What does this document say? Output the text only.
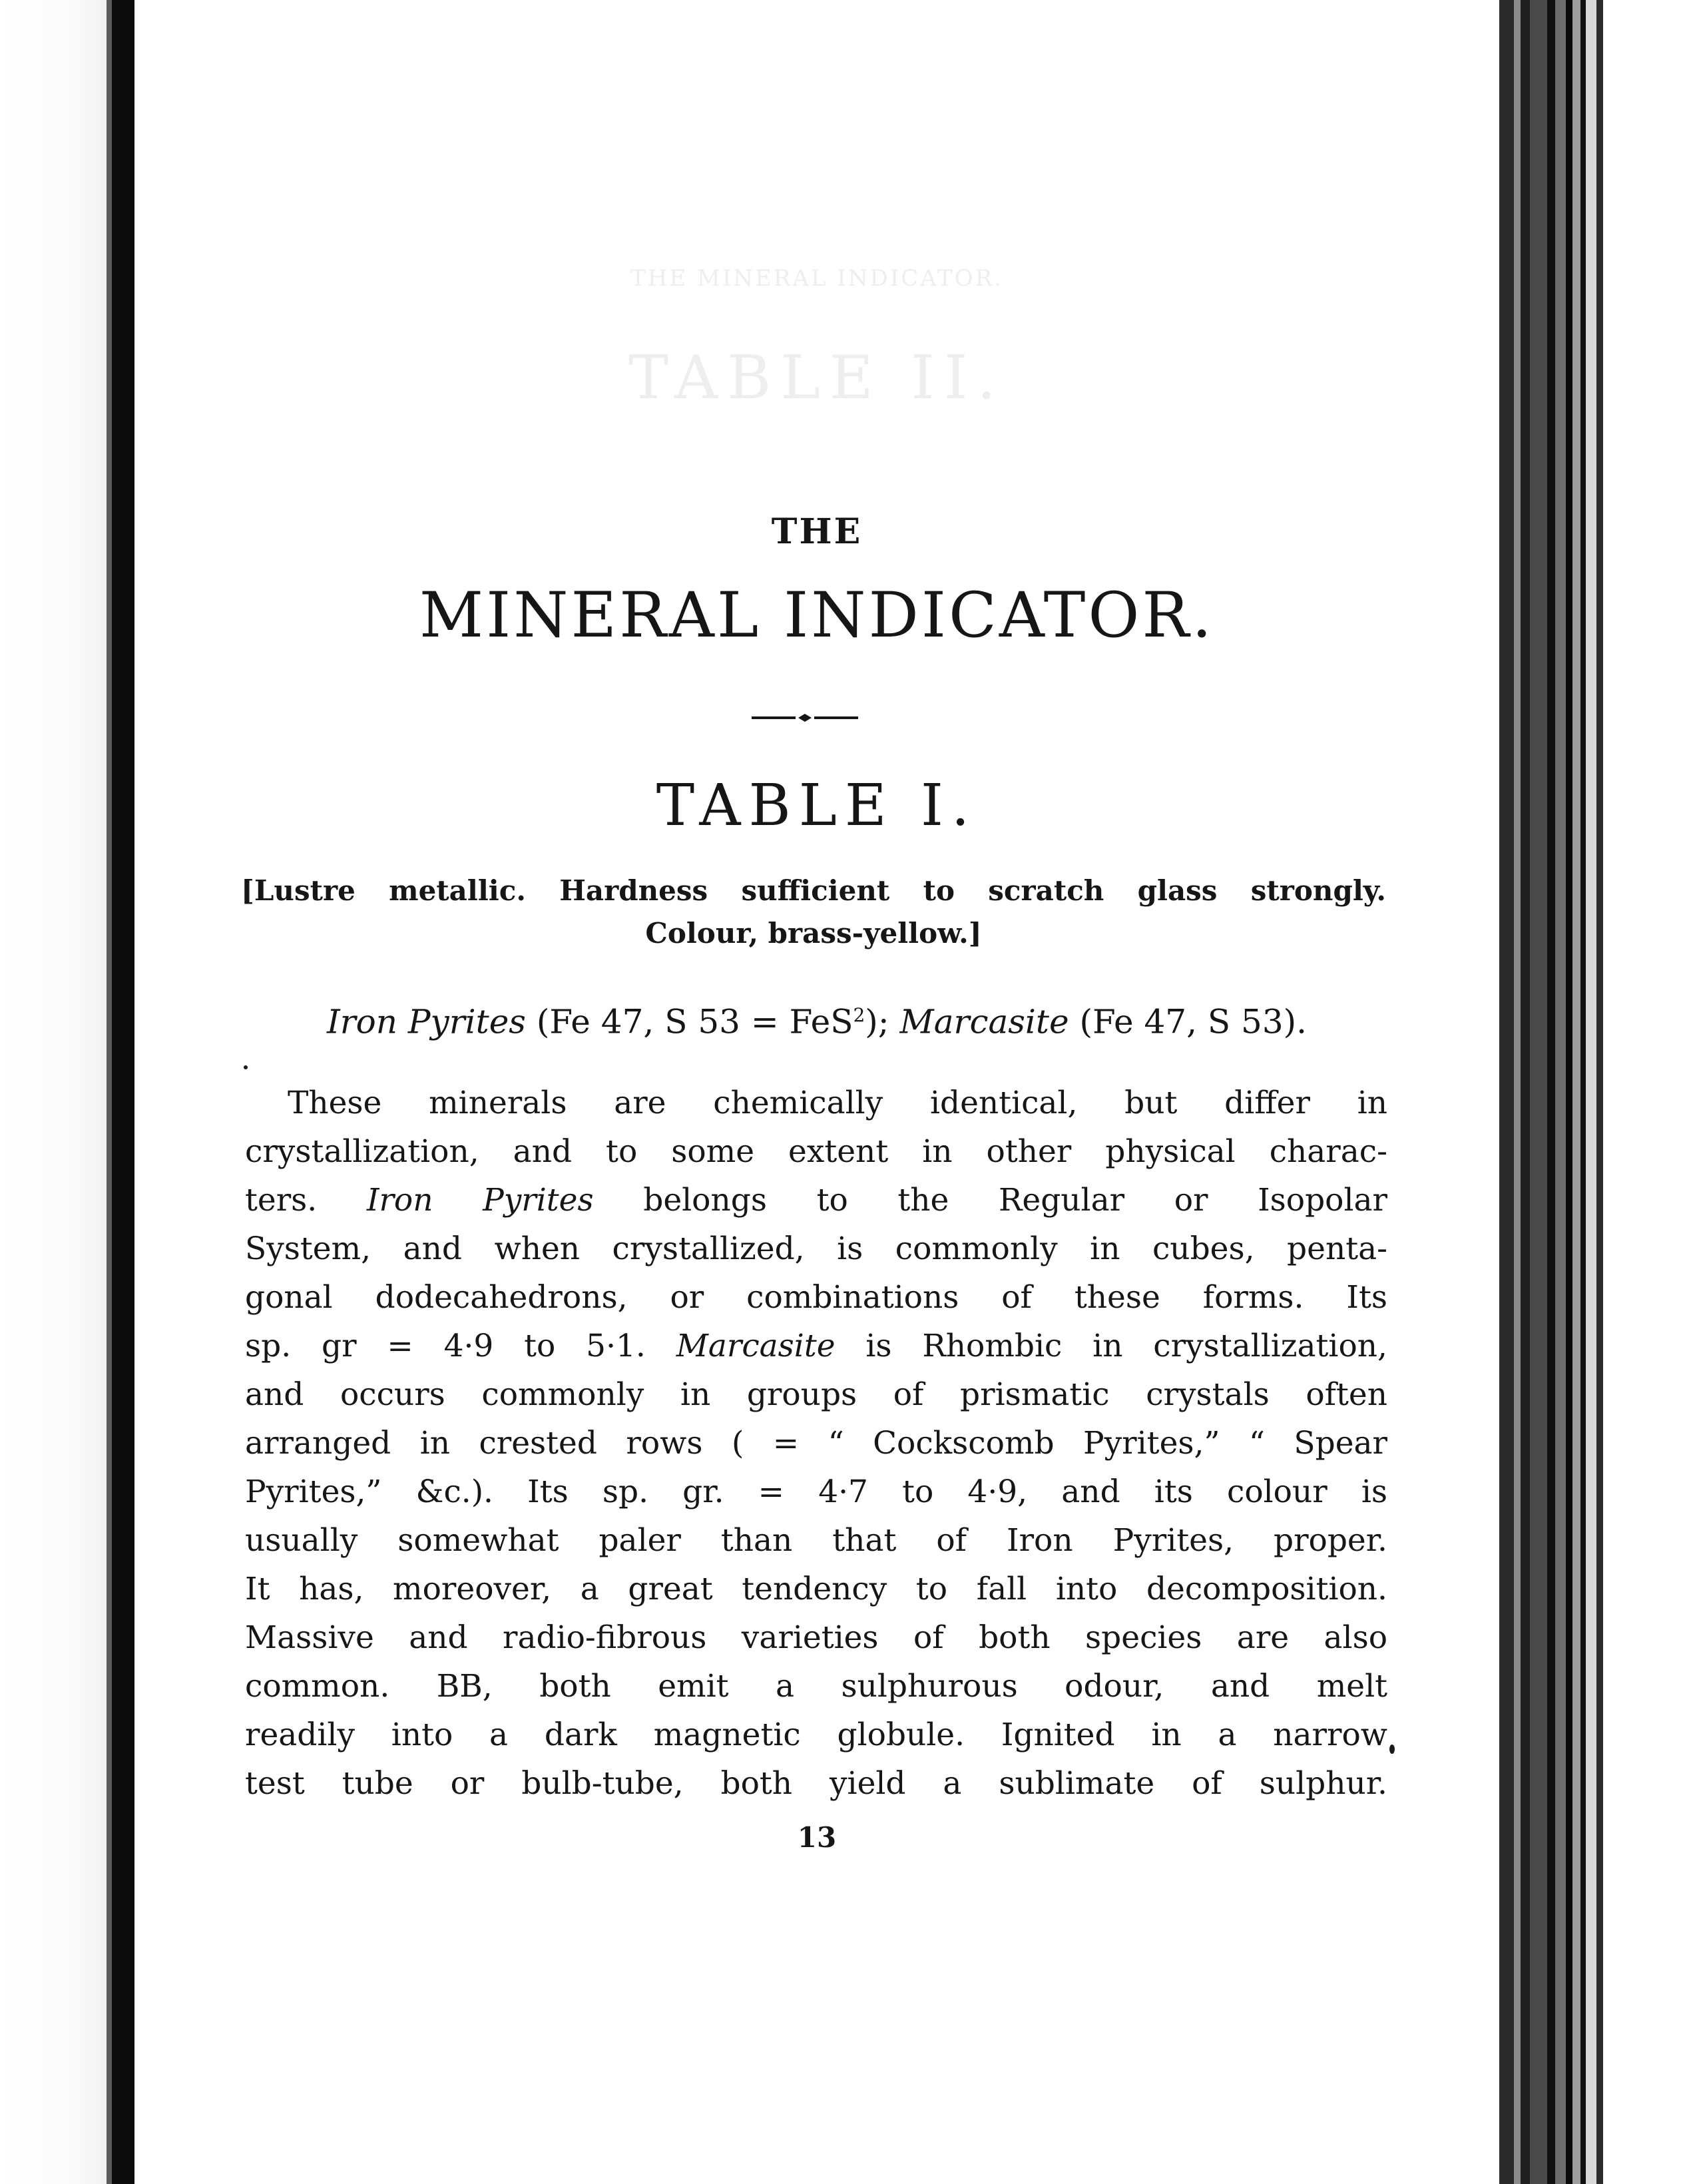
THE MINERAL INDICATOR.
TABLE II.
THE
MINERAL INDICATOR.
TABLE I.
[Lustre metallic. Hardness sufficient to scratch glass strongly.
Colour, brass-yellow.]
Iron Pyrites (Fe 47, S 53 = FeS$^2$); Marcasite (Fe 47, S 53).
These minerals are chemically identical, but differ in
crystallization, and to some extent in other physical charac-
ters. Iron Pyrites belongs to the Regular or Isopolar
System, and when crystallized, is commonly in cubes, penta-
gonal dodecahedrons, or combinations of these forms. Its
sp. gr = 4·9 to 5·1. Marcasite is Rhombic in crystallization,
and occurs commonly in groups of prismatic crystals often
arranged in crested rows ( = “ Cockscomb Pyrites,” “ Spear
Pyrites,” &c.). Its sp. gr. = 4·7 to 4·9, and its colour is
usually somewhat paler than that of Iron Pyrites, proper.
It has, moreover, a great tendency to fall into decomposition.
Massive and radio-fibrous varieties of both species are also
common. BB, both emit a sulphurous odour, and melt
readily into a dark magnetic globule. Ignited in a narrow
test tube or bulb-tube, both yield a sublimate of sulphur.
13
